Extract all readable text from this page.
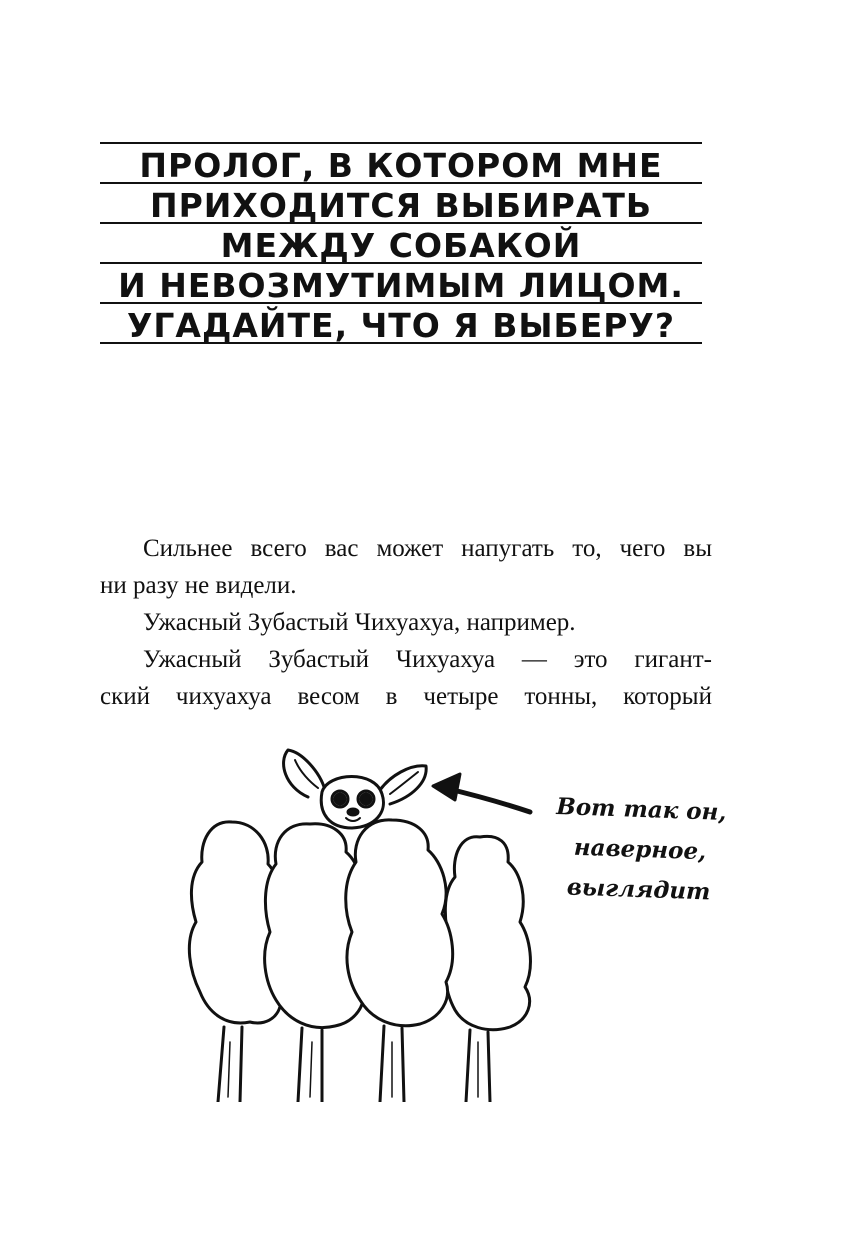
ПРОЛОГ, В КОТОРОМ МНЕ
ПРИХОДИТСЯ ВЫБИРАТЬ
МЕЖДУ СОБАКОЙ
И НЕВОЗМУТИМЫМ ЛИЦОМ.
УГАДАЙТЕ, ЧТО Я ВЫБЕРУ?

Сильнее всего вас может напугать то, чего вы

ни разу не видели.

Ужасный Зубастый Чихуахуа, например.

Ужасный Зубастый Чихуахуа — это гигант-

ский чихуахуа весом в четыре тонны, который

Вот так он,
наверное,
выглядит
